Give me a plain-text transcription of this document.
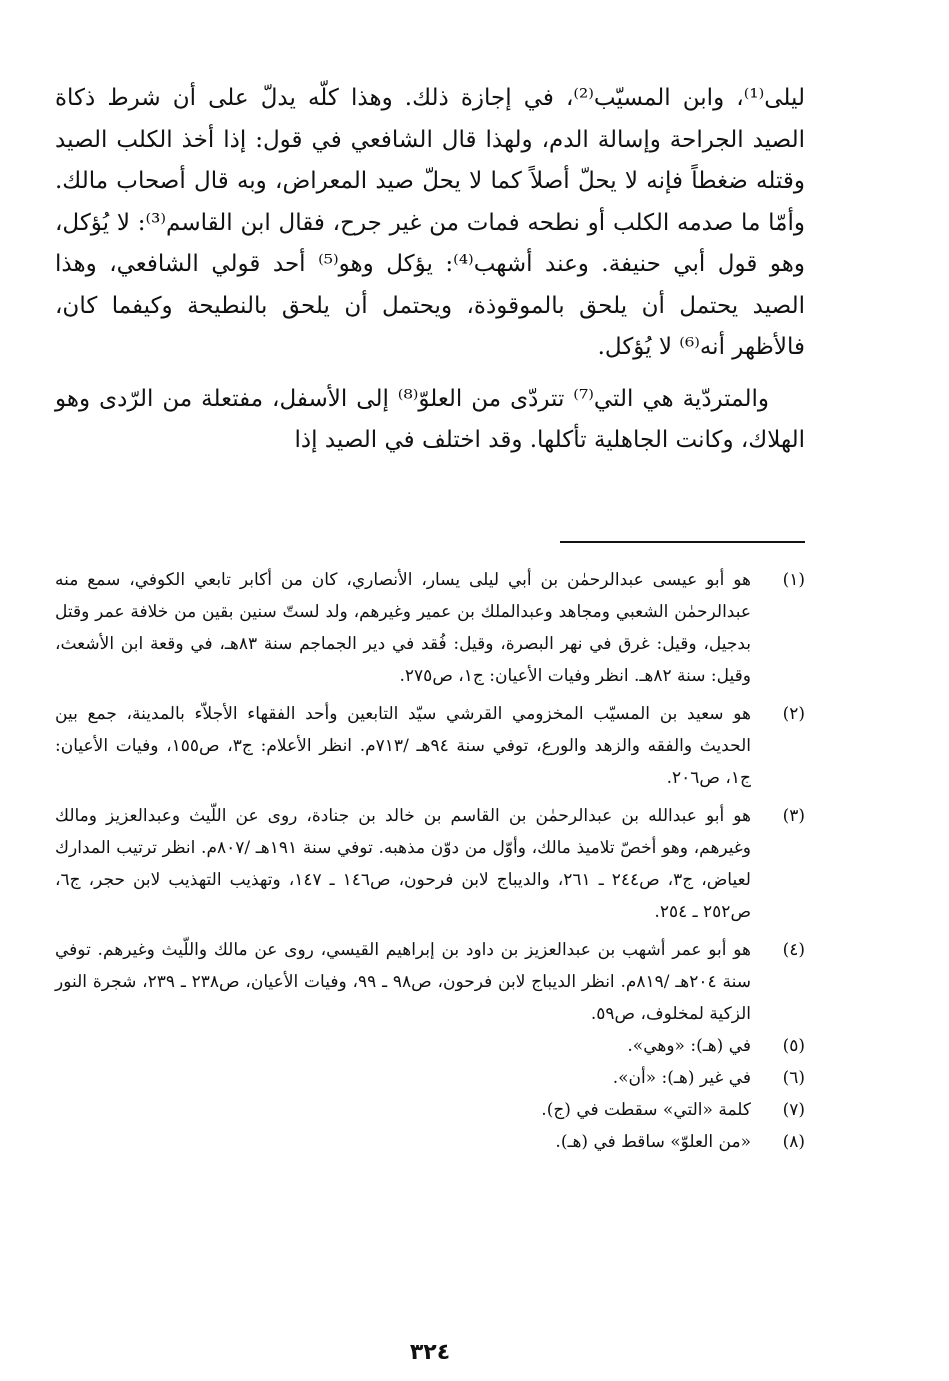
ليلى⁽¹⁾، وابن المسيّب⁽²⁾، في إجازة ذلك. وهذا كلّه يدلّ على أن شرط ذكاة الصيد الجراحة وإسالة الدم، ولهذا قال الشافعي في قول: إذا أخذ الكلب الصيد وقتله ضغطاً فإنه لا يحلّ أصلاً كما لا يحلّ صيد المعراض، وبه قال أصحاب مالك. وأمّا ما صدمه الكلب أو نطحه فمات من غير جرح، فقال ابن القاسم⁽³⁾: لا يُؤكل، وهو قول أبي حنيفة. وعند أشهب⁽⁴⁾: يؤكل وهو⁽⁵⁾ أحد قولي الشافعي، وهذا الصيد يحتمل أن يلحق بالموقوذة، ويحتمل أن يلحق بالنطيحة وكيفما كان، فالأظهر أنه⁽⁶⁾ لا يُؤكل.

والمتردّية هي التي⁽⁷⁾ تتردّى من العلوّ⁽⁸⁾ إلى الأسفل، مفتعلة من الرّدى وهو الهلاك، وكانت الجاهلية تأكلها. وقد اختلف في الصيد إذا

(١)
هو أبو عيسى عبدالرحمٰن بن أبي ليلى يسار، الأنصاري، كان من أكابر تابعي الكوفي، سمع منه عبدالرحمٰن الشعبي ومجاهد وعبدالملك بن عمير وغيرهم، ولد لستّ سنين بقين من خلافة عمر وقتل بدجيل، وقيل: غرق في نهر البصرة، وقيل: فُقد في دير الجماجم سنة ٨٣هـ، في وقعة ابن الأشعث، وقيل: سنة ٨٢هـ. انظر وفيات الأعيان: ج١، ص٢٧٥.
(٢)
هو سعيد بن المسيّب المخزومي القرشي سيّد التابعين وأحد الفقهاء الأجلاّء بالمدينة، جمع بين الحديث والفقه والزهد والورع، توفي سنة ٩٤هـ /٧١٣م. انظر الأعلام: ج٣، ص١٥٥، وفيات الأعيان: ج١، ص٢٠٦.
(٣)
هو أبو عبدالله بن عبدالرحمٰن بن القاسم بن خالد بن جنادة، روى عن اللّيث وعبدالعزيز ومالك وغيرهم، وهو أخصّ تلاميذ مالك، وأوّل من دوّن مذهبه. توفي سنة ١٩١هـ /٨٠٧م. انظر ترتيب المدارك لعياض، ج٣، ص٢٤٤ ـ ٢٦١، والديباج لابن فرحون، ص١٤٦ ـ ١٤٧، وتهذيب التهذيب لابن حجر، ج٦، ص٢٥٢ ـ ٢٥٤.
(٤)
هو أبو عمر أشهب بن عبدالعزيز بن داود بن إبراهيم القيسي، روى عن مالك واللّيث وغيرهم. توفي سنة ٢٠٤هـ /٨١٩م. انظر الديباج لابن فرحون، ص٩٨ ـ ٩٩، وفيات الأعيان، ص٢٣٨ ـ ٢٣٩، شجرة النور الزكية لمخلوف، ص٥٩.
(٥)
في (هـ): «وهي».
(٦)
في غير (هـ): «أن».
(٧)
كلمة «التي» سقطت في (ج).
(٨)
«من العلوّ» ساقط في (هـ).
٣٢٤
